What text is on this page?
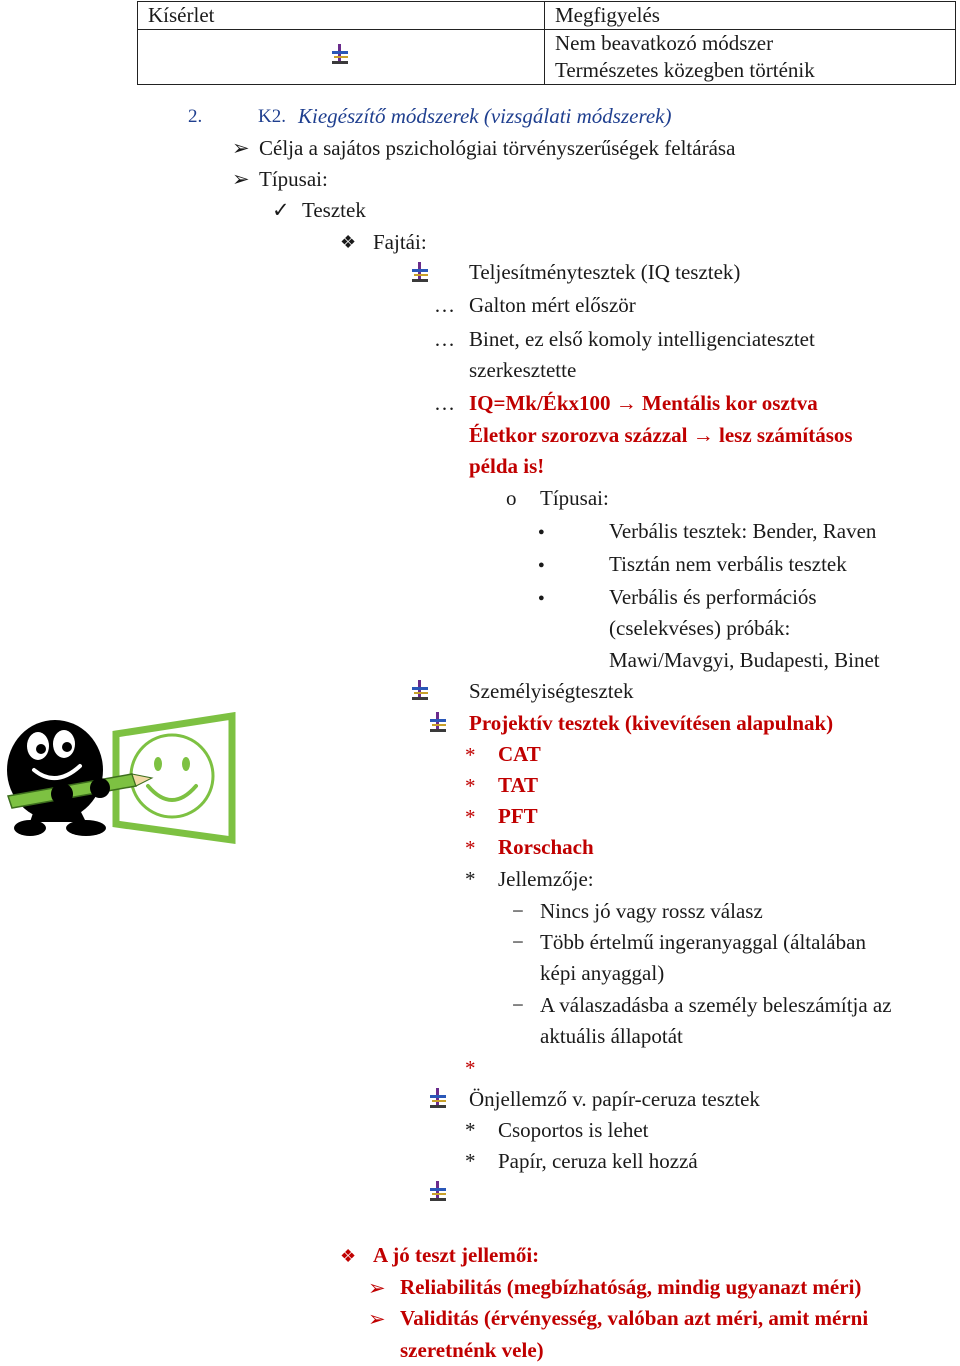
Kísérlet	Megfigyelés

	Nem beavatkozó módszer
Természetes közegben történik
2.	K2. Kiegészítő módszerek (vizsgálati módszerek)
➢ Célja a sajátos pszichológiai törvényszerűségek feltárása
➢ Típusai:
✓ Tesztek
❖ Fajtái:
Teljesítménytesztek (IQ tesztek)
… Galton mért először
… Binet, ez első komoly intelligenciatesztet
szerkesztette
… IQ=Mk/Ékx100 → Mentális kor osztva
Életkor szorozva százzal → lesz számításos
példa is!
o Típusai:
●	Verbális tesztek: Bender, Raven
●	Tisztán nem verbális tesztek
●	Verbális és performációs
(cselekvéses) próbák:
Mawi/Mavgyi, Budapesti, Binet
Személyiségtesztek
Projektív tesztek (kivevítésen alapulnak)
* CAT
* TAT
* PFT
* Rorschach
* Jellemzője:
− Nincs jó vagy rossz válasz
− Több értelmű ingeranyaggal (általában
képi anyaggal)
− A válaszadásba a személy beleszámítja az
aktuális állapotát
*
Önjellemző v. papír-ceruza tesztek
* Csoportos is lehet
* Papír, ceruza kell hozzá
❖ A jó teszt jellemői:
➢ Reliabilitás (megbízhatóság, mindig ugyanazt méri)
➢ Validitás (érvényesség, valóban azt méri, amit mérni
szeretnénk vele)
